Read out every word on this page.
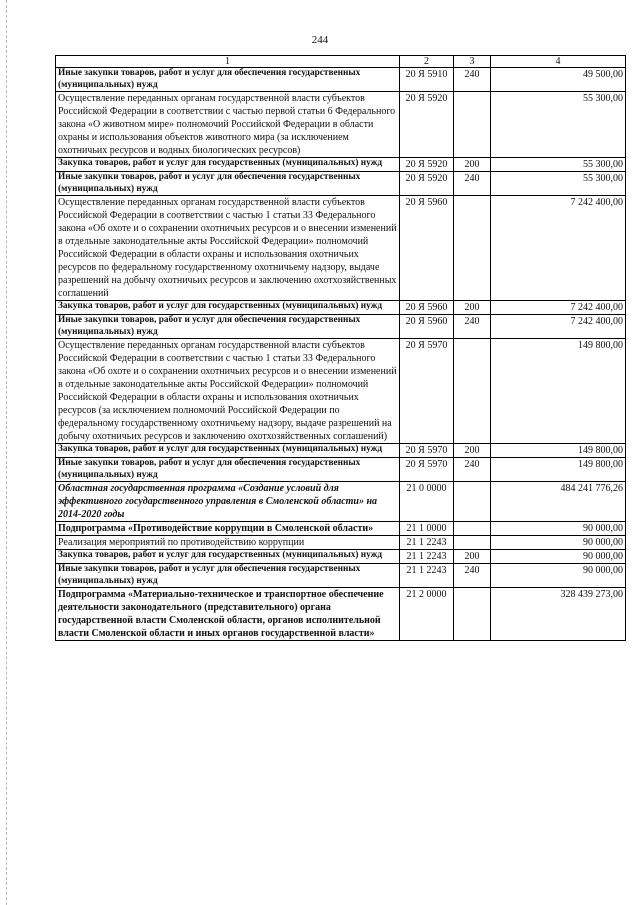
244
1	2	3	4
Иные закупки товаров, работ и услуг для обеспечения государственных (муниципальных) нужд	20 Я 5910	240	49 500,00
Осуществление переданных органам государственной власти субъектов Российской Федерации в соответствии с частью первой статьи 6 Федерального закона «О животном мире» полномочий Российской Федерации в области охраны и использования объектов животного мира (за исключением охотничьих ресурсов и водных биологических ресурсов)	20 Я 5920		55 300,00
Закупка товаров, работ и услуг для государственных (муниципальных) нужд	20 Я 5920	200	55 300,00
Иные закупки товаров, работ и услуг для обеспечения государственных (муниципальных) нужд	20 Я 5920	240	55 300,00
Осуществление переданных органам государственной власти субъектов Российской Федерации в соответствии с частью 1 статьи 33 Федерального закона «Об охоте и о сохранении охотничьих ресурсов и о внесении изменений в отдельные законодательные акты Российской Федерации» полномочий Российской Федерации в области охраны и использования охотничьих ресурсов по федеральному государственному охотничьему надзору, выдаче разрешений на добычу охотничьих ресурсов и заключению охотхозяйственных соглашений	20 Я 5960		7 242 400,00
Закупка товаров, работ и услуг для государственных (муниципальных) нужд	20 Я 5960	200	7 242 400,00
Иные закупки товаров, работ и услуг для обеспечения государственных (муниципальных) нужд	20 Я 5960	240	7 242 400,00
Осуществление переданных органам государственной власти субъектов Российской Федерации в соответствии с частью 1 статьи 33 Федерального закона «Об охоте и о сохранении охотничьих ресурсов и о внесении изменений в отдельные законодательные акты Российской Федерации» полномочий Российской Федерации в области охраны и использования охотничьих ресурсов (за исключением полномочий Российской Федерации по федеральному государственному охотничьему надзору, выдаче разрешений на добычу охотничьих ресурсов и заключению охотхозяйственных соглашений)	20 Я 5970		149 800,00
Закупка товаров, работ и услуг для государственных (муниципальных) нужд	20 Я 5970	200	149 800,00
Иные закупки товаров, работ и услуг для обеспечения государственных (муниципальных) нужд	20 Я 5970	240	149 800,00
Областная государственная программа «Создание условий для эффективного государственного управления в Смоленской области» на 2014-2020 годы	21 0 0000		484 241 776,26
Подпрограмма «Противодействие коррупции в Смоленской области»	21 1 0000		90 000,00
Реализация мероприятий по противодействию коррупции	21 1 2243		90 000,00
Закупка товаров, работ и услуг для государственных (муниципальных) нужд	21 1 2243	200	90 000,00
Иные закупки товаров, работ и услуг для обеспечения государственных (муниципальных) нужд	21 1 2243	240	90 000,00
Подпрограмма «Материально-техническое и транспортное обеспечение деятельности законодательного (представительного) органа государственной власти Смоленской области, органов исполнительной власти Смоленской области и иных органов государственной власти»	21 2 0000		328 439 273,00
